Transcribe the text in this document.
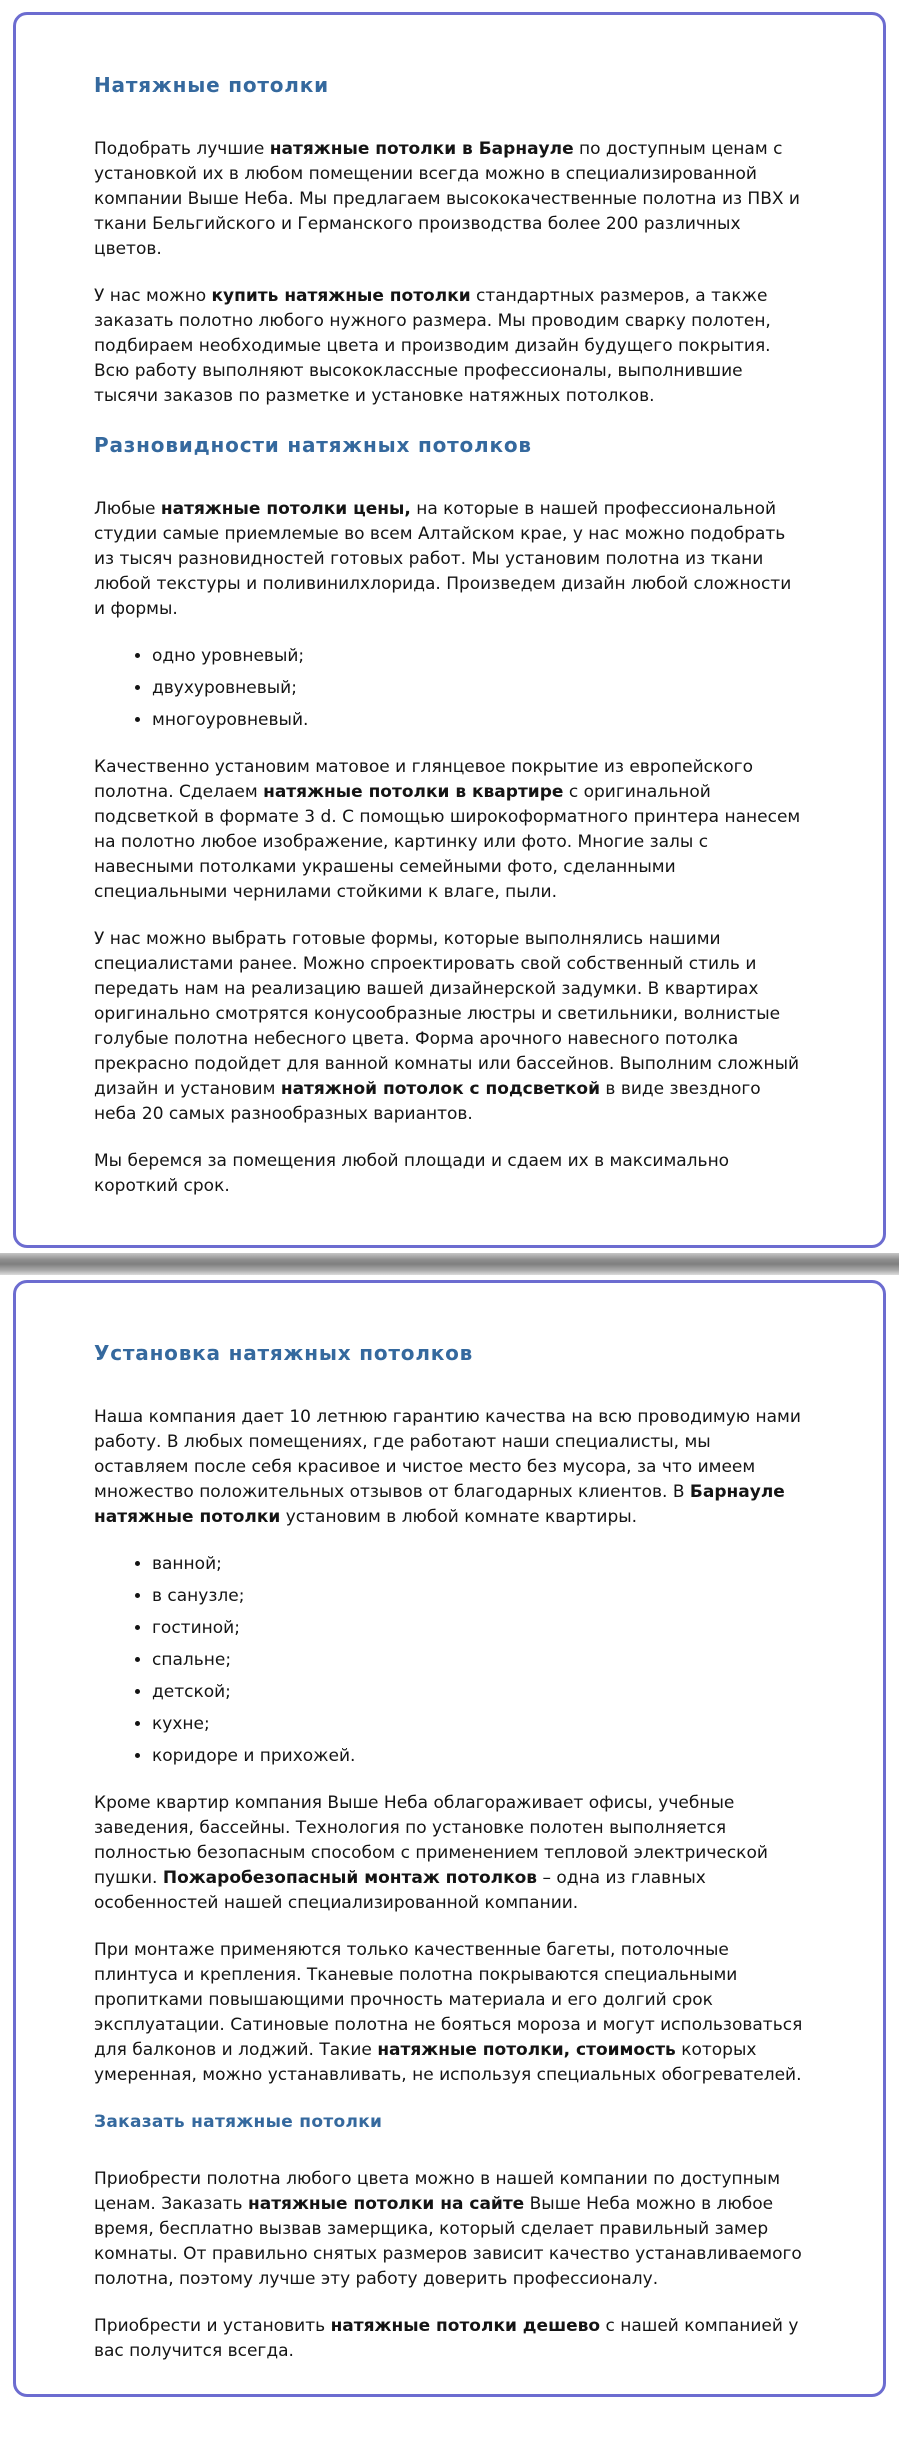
Натяжные потолки

Подобрать лучшие натяжные потолки в Барнауле по доступным ценам с установкой их в любом помещении всегда можно в специализированной компании Выше Неба. Мы предлагаем высококачественные полотна из ПВХ и ткани Бельгийского и Германского производства более 200 различных цветов.

У нас можно купить натяжные потолки стандартных размеров, а также заказать полотно любого нужного размера. Мы проводим сварку полотен, подбираем необходимые цвета и производим дизайн будущего покрытия. Всю работу выполняют высококлассные профессионалы, выполнившие тысячи заказов по разметке и установке натяжных потолков.

Разновидности натяжных потолков

Любые натяжные потолки цены, на которые в нашей профессиональной студии самые приемлемые во всем Алтайском крае, у нас можно подобрать из тысяч разновидностей готовых работ. Мы установим полотна из ткани любой текстуры и поливинилхлорида. Произведем дизайн любой сложности и формы.

• одно уровневый;
• двухуровневый;
• многоуровневый.

Качественно установим матовое и глянцевое покрытие из европейского полотна. Сделаем натяжные потолки в квартире с оригинальной подсветкой в формате 3 d. С помощью широкоформатного принтера нанесем на полотно любое изображение, картинку или фото. Многие залы с навесными потолками украшены семейными фото, сделанными специальными чернилами стойкими к влаге, пыли.

У нас можно выбрать готовые формы, которые выполнялись нашими специалистами ранее. Можно спроектировать свой собственный стиль и передать нам на реализацию вашей дизайнерской задумки. В квартирах оригинально смотрятся конусообразные люстры и светильники, волнистые голубые полотна небесного цвета. Форма арочного навесного потолка прекрасно подойдет для ванной комнаты или бассейнов. Выполним сложный дизайн и установим натяжной потолок с подсветкой в виде звездного неба 20 самых разнообразных вариантов.

Мы беремся за помещения любой площади и сдаем их в максимально короткий срок.

Установка натяжных потолков

Наша компания дает 10 летнюю гарантию качества на всю проводимую нами работу. В любых помещениях, где работают наши специалисты, мы оставляем после себя красивое и чистое место без мусора, за что имеем множество положительных отзывов от благодарных клиентов. В Барнауле натяжные потолки установим в любой комнате квартиры.

• ванной;
• в санузле;
• гостиной;
• спальне;
• детской;
• кухне;
• коридоре и прихожей.

Кроме квартир компания Выше Неба облагораживает офисы, учебные заведения, бассейны. Технология по установке полотен выполняется полностью безопасным способом с применением тепловой электрической пушки. Пожаробезопасный монтаж потолков – одна из главных особенностей нашей специализированной компании.

При монтаже применяются только качественные багеты, потолочные плинтуса и крепления. Тканевые полотна покрываются специальными пропитками повышающими прочность материала и его долгий срок эксплуатации. Сатиновые полотна не бояться мороза и могут использоваться для балконов и лоджий. Такие натяжные потолки, стоимость которых умеренная, можно устанавливать, не используя специальных обогревателей.

Заказать натяжные потолки

Приобрести полотна любого цвета можно в нашей компании по доступным ценам. Заказать натяжные потолки на сайте Выше Неба можно в любое время, бесплатно вызвав замерщика, который сделает правильный замер комнаты. От правильно снятых размеров зависит качество устанавливаемого полотна, поэтому лучше эту работу доверить профессионалу.

Приобрести и установить натяжные потолки дешево с нашей компанией у вас получится всегда.
